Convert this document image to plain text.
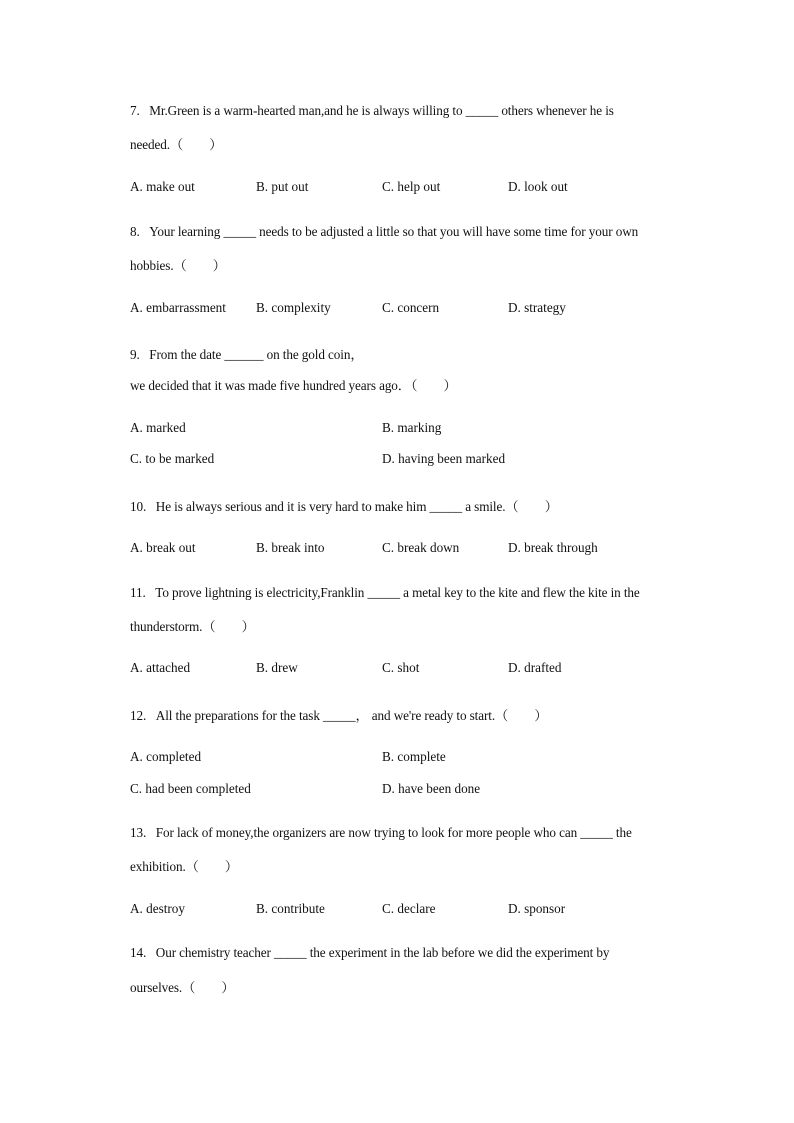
7.   Mr.Green is a warm-hearted man,and he is always willing to _____ others whenever he is
needed.（　　）
A. make out	B. put out	C. help out	D. look out
8.   Your learning _____ needs to be adjusted a little so that you will have some time for your own
hobbies.（　　）
A. embarrassment B. complexity	C. concern	D. strategy
9.   From the date ______ on the gold coin，
we decided that it was made five hundred years ago．（　　）
A. marked	B. marking
C. to be marked	D. having been marked
10.   He is always serious and it is very hard to make him _____ a smile.（　　）
A. break out	B. break into	C. break down	D. break through
11.   To prove lightning is electricity,Franklin _____ a metal key to the kite and flew the kite in the
thunderstorm.（　　）
A. attached	B. drew	C. shot	D. drafted
12.   All the preparations for the task _____， and we're ready to start.（　　）
A. completed	B. complete
C. had been completed	D. have been done
13.   For lack of money,the organizers are now trying to look for more people who can _____ the
exhibition.（　　）
A. destroy	B. contribute	C. declare	D. sponsor
14.   Our chemistry teacher _____ the experiment in the lab before we did the experiment by
ourselves.（　　）
